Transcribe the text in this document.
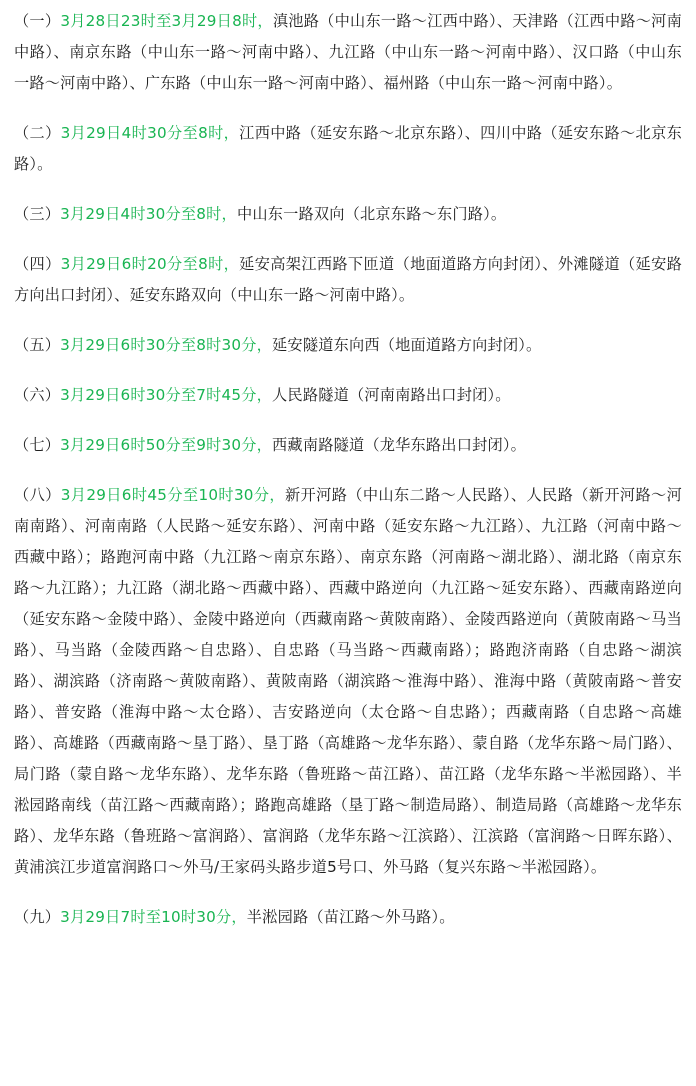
（一）3月28日23时至3月29日8时，滇池路（中山东一路～江西中路）、天津路（江西中路～河南中路）、南京东路（中山东一路～河南中路）、九江路（中山东一路～河南中路）、汉口路（中山东一路～河南中路）、广东路（中山东一路～河南中路）、福州路（中山东一路～河南中路）。

（二）3月29日4时30分至8时，江西中路（延安东路～北京东路）、四川中路（延安东路～北京东路）。

（三）3月29日4时30分至8时，中山东一路双向（北京东路～东门路）。

（四）3月29日6时20分至8时，延安高架江西路下匝道（地面道路方向封闭）、外滩隧道（延安路方向出口封闭）、延安东路双向（中山东一路～河南中路）。

（五）3月29日6时30分至8时30分，延安隧道东向西（地面道路方向封闭）。

（六）3月29日6时30分至7时45分，人民路隧道（河南南路出口封闭）。

（七）3月29日6时50分至9时30分，西藏南路隧道（龙华东路出口封闭）。

（八）3月29日6时45分至10时30分，新开河路（中山东二路～人民路）、人民路（新开河路～河南南路）、河南南路（人民路～延安东路）、河南中路（延安东路～九江路）、九江路（河南中路～西藏中路）；路跑河南中路（九江路～南京东路）、南京东路（河南路～湖北路）、湖北路（南京东路～九江路）；九江路（湖北路～西藏中路）、西藏中路逆向（九江路～延安东路）、西藏南路逆向（延安东路～金陵中路）、金陵中路逆向（西藏南路～黄陂南路）、金陵西路逆向（黄陂南路～马当路）、马当路（金陵西路～自忠路）、自忠路（马当路～西藏南路）；路跑济南路（自忠路～湖滨路）、湖滨路（济南路～黄陂南路）、黄陂南路（湖滨路～淮海中路）、淮海中路（黄陂南路～普安路）、普安路（淮海中路～太仓路）、吉安路逆向（太仓路～自忠路）；西藏南路（自忠路～高雄路）、高雄路（西藏南路～垦丁路）、垦丁路（高雄路～龙华东路）、蒙自路（龙华东路～局门路）、局门路（蒙自路～龙华东路）、龙华东路（鲁班路～苗江路）、苗江路（龙华东路～半淞园路）、半淞园路南线（苗江路～西藏南路）；路跑高雄路（垦丁路～制造局路）、制造局路（高雄路～龙华东路）、龙华东路（鲁班路～富润路）、富润路（龙华东路～江滨路）、江滨路（富润路～日晖东路）、黄浦滨江步道富润路口～外马/王家码头路步道5号口、外马路（复兴东路～半淞园路）。

（九）3月29日7时至10时30分，半淞园路（苗江路～外马路）。
